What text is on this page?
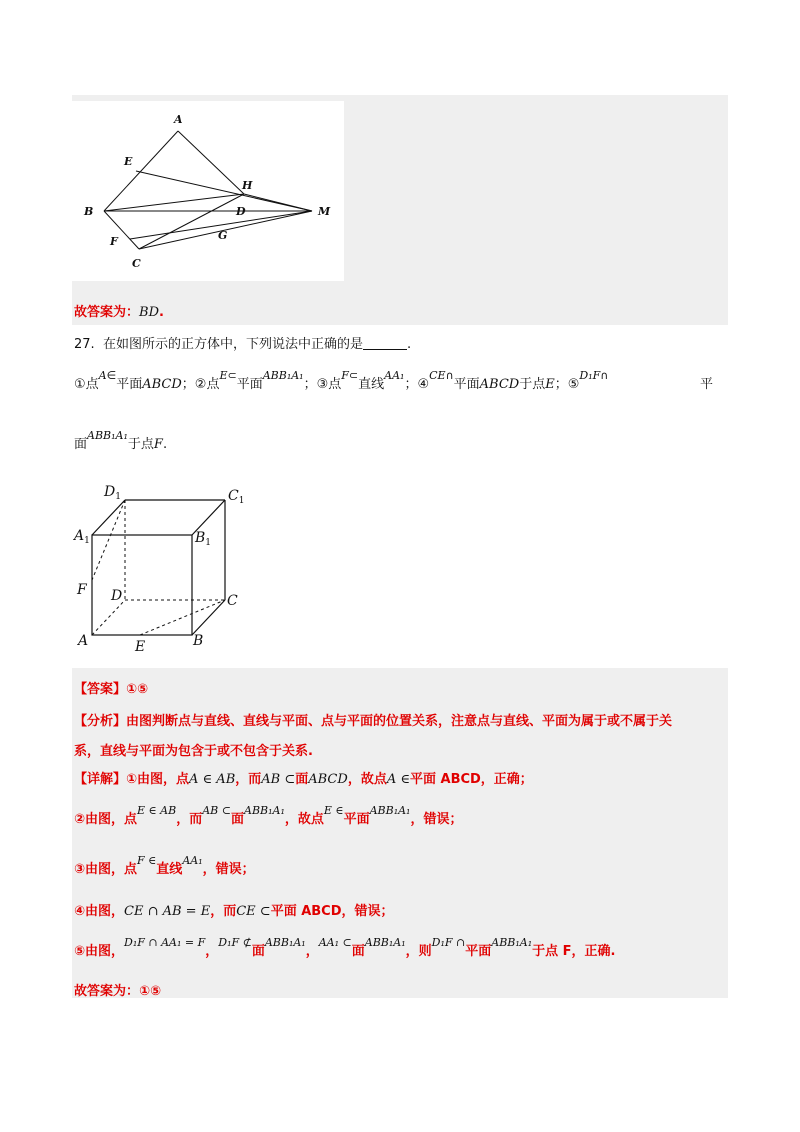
A
B
C
D
E
F	G
H
M
故答案为：BD.
27. 在如图所示的正方体中，下列说法中正确的是	.
①点$^{A\in}$平面ABCD；②点$^{E\subset}$平面$^{ABB_1A_1}$；③点$^{F\subset}$直线$^{AA_1}$；④$^{CE\cap}$平面ABCD于点E；⑤$^{D_1F\cap}$
平
面$^{ABB_1A_1}$于点F.
$D_1$	$C_1$
$A_1$	$B_1$
F D	C
A	E	B
【答案】①⑤
【分析】由图判断点与直线、直线与平面、点与平面的位置关系，注意点与直线、平面为属于或不属于关
系，直线与平面为包含于或不包含于关系.
【详解】①由图，点A ∈ AB，而AB ⊂面ABCD，故点A ∈平面 ABCD，正确；
②由图，点$^{E \in AB}$，而$^{AB \subset}$面$^{ABB_1A_1}$，故点$^{E \in}$平面$^{ABB_1A_1}$，错误；
③由图，点$^{F \in}$直线$^{AA_1}$，错误；
④由图，CE ∩ AB = E，而CE ⊂平面 ABCD，错误；
⑤由图，$^{D_1F \cap AA_1 = F}$，$^{D_1F ⊄}$面$^{ABB_1A_1}$，$^{AA_1 \subset}$面$^{ABB_1A_1}$，则$^{D_1F \cap}$平面$^{ABB_1A_1}$于点 F，正确.
故答案为：①⑤
